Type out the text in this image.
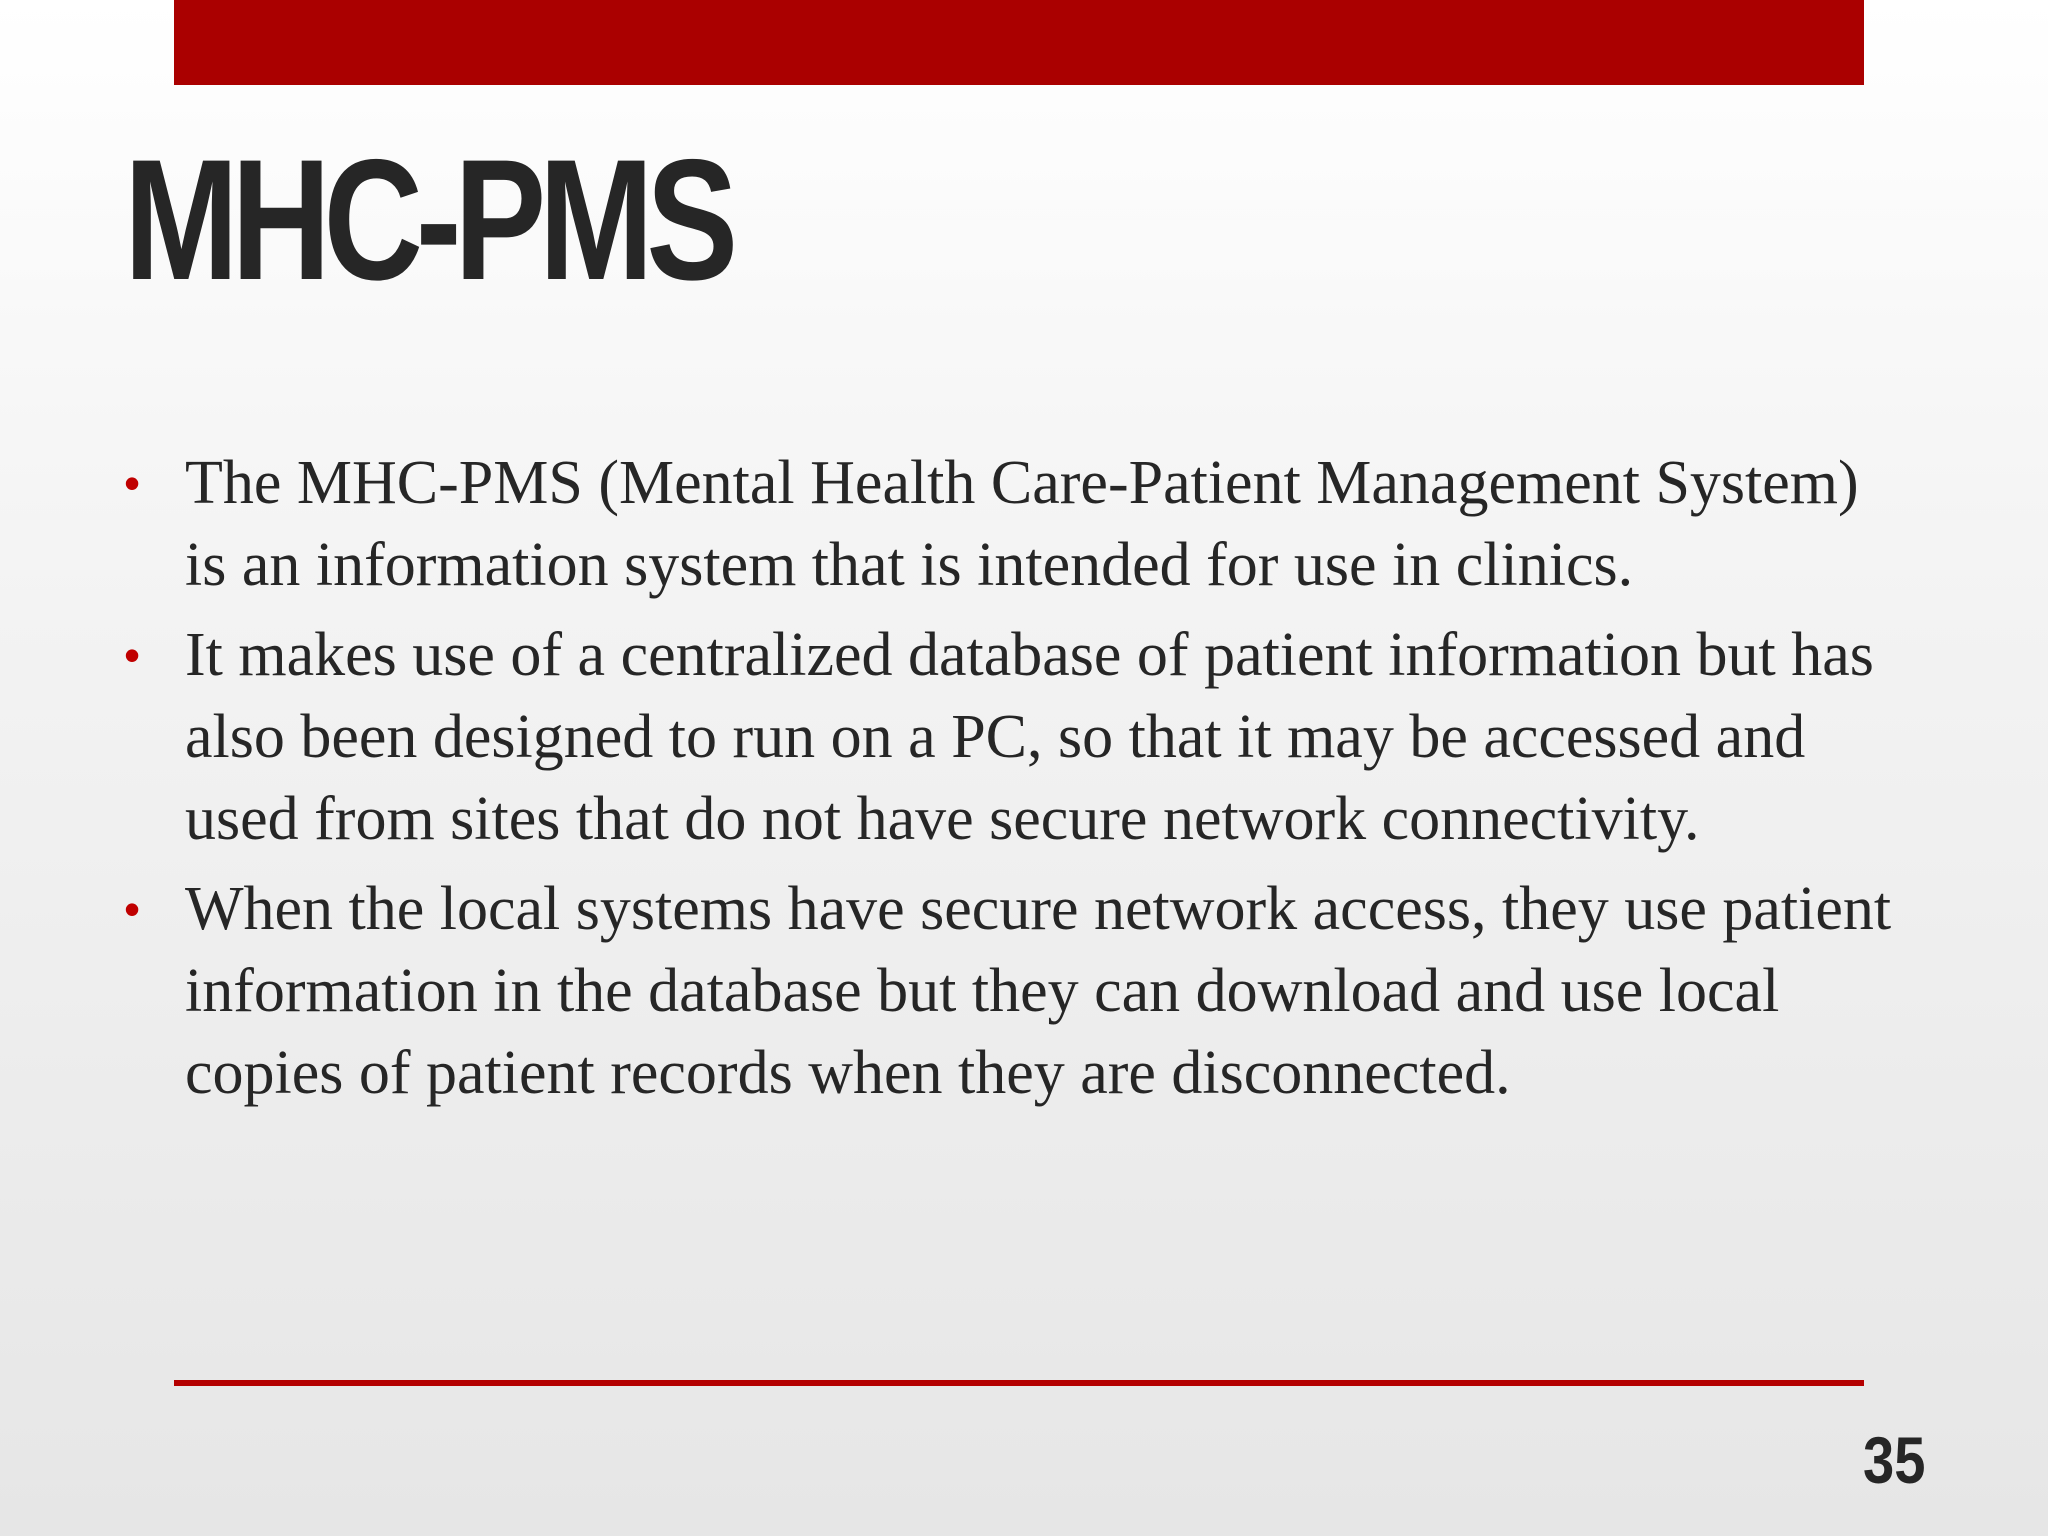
MHC-PMS
• The MHC-PMS (Mental Health Care-Patient Management System) is an information system that is intended for use in clinics.
• It makes use of a centralized database of patient information but has also been designed to run on a PC, so that it may be accessed and used from sites that do not have secure network connectivity.
• When the local systems have secure network access, they use patient information in the database but they can download and use local copies of patient records when they are disconnected.
35
